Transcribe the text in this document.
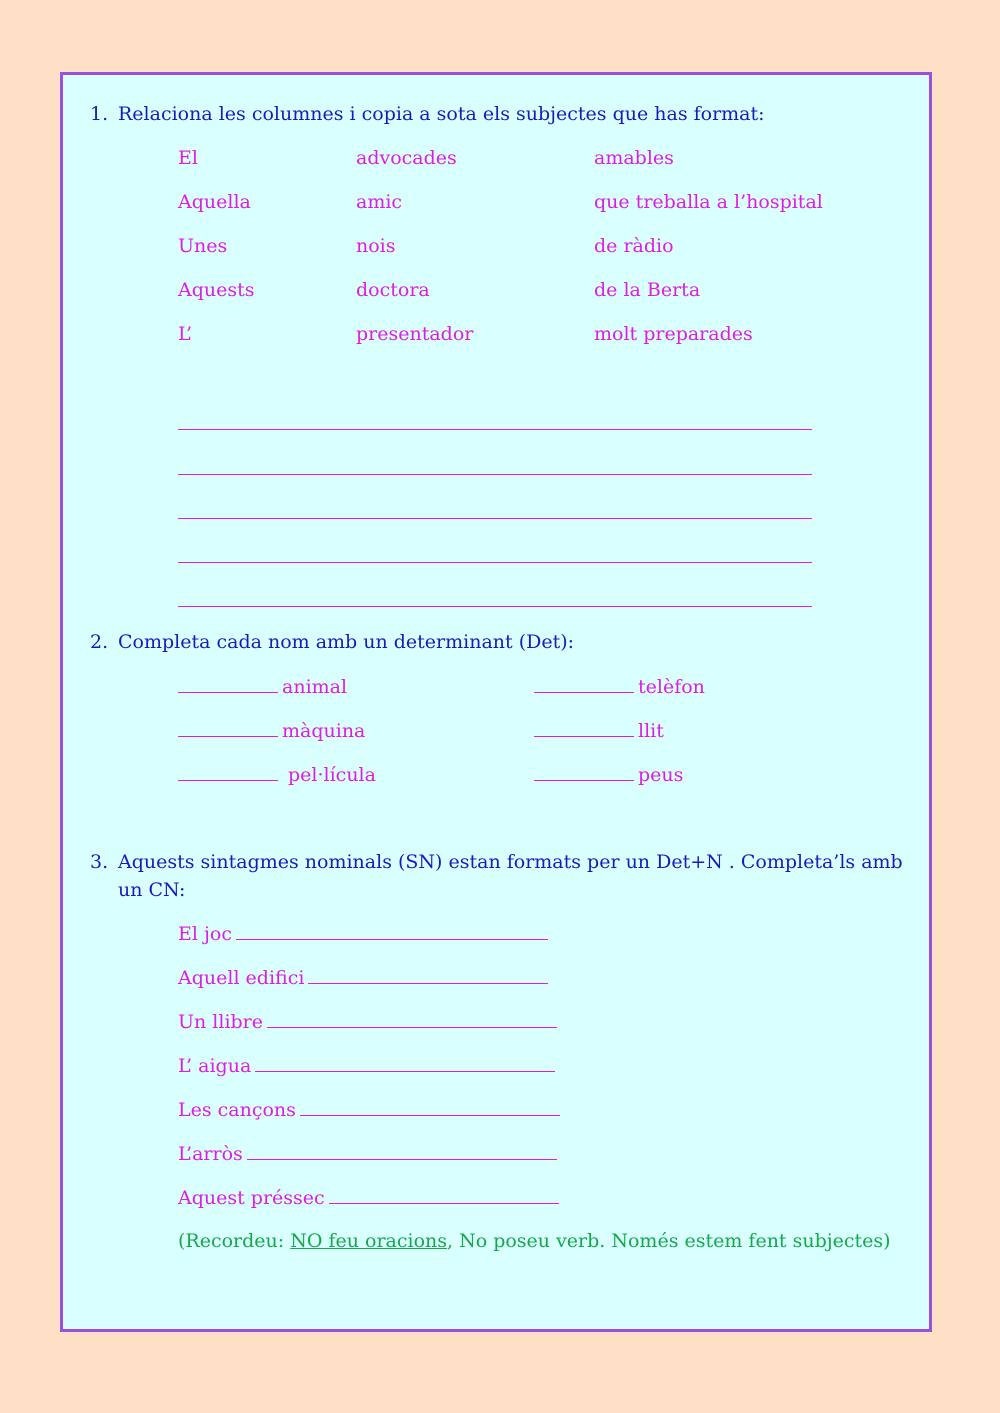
1. Relaciona les columnes i copia a sota els subjectes que has format:
El
Aquella
Unes
Aquests
L’
advocades
amic
nois
doctora
presentador
amables
que treballa a l’hospital
de ràdio
de la Berta
molt preparades
2. Completa cada nom amb un determinant (Det):
animal
màquina
pel·lícula
telèfon
llit
peus
3. Aquests sintagmes nominals (SN) estan formats per un Det+N . Completa’ls amb un CN:
El joc
Aquell edifici
Un llibre
L’ aigua
Les cançons
L’arròs
Aquest préssec
(Recordeu: NO feu oracions, No poseu verb. Només estem fent subjectes)
